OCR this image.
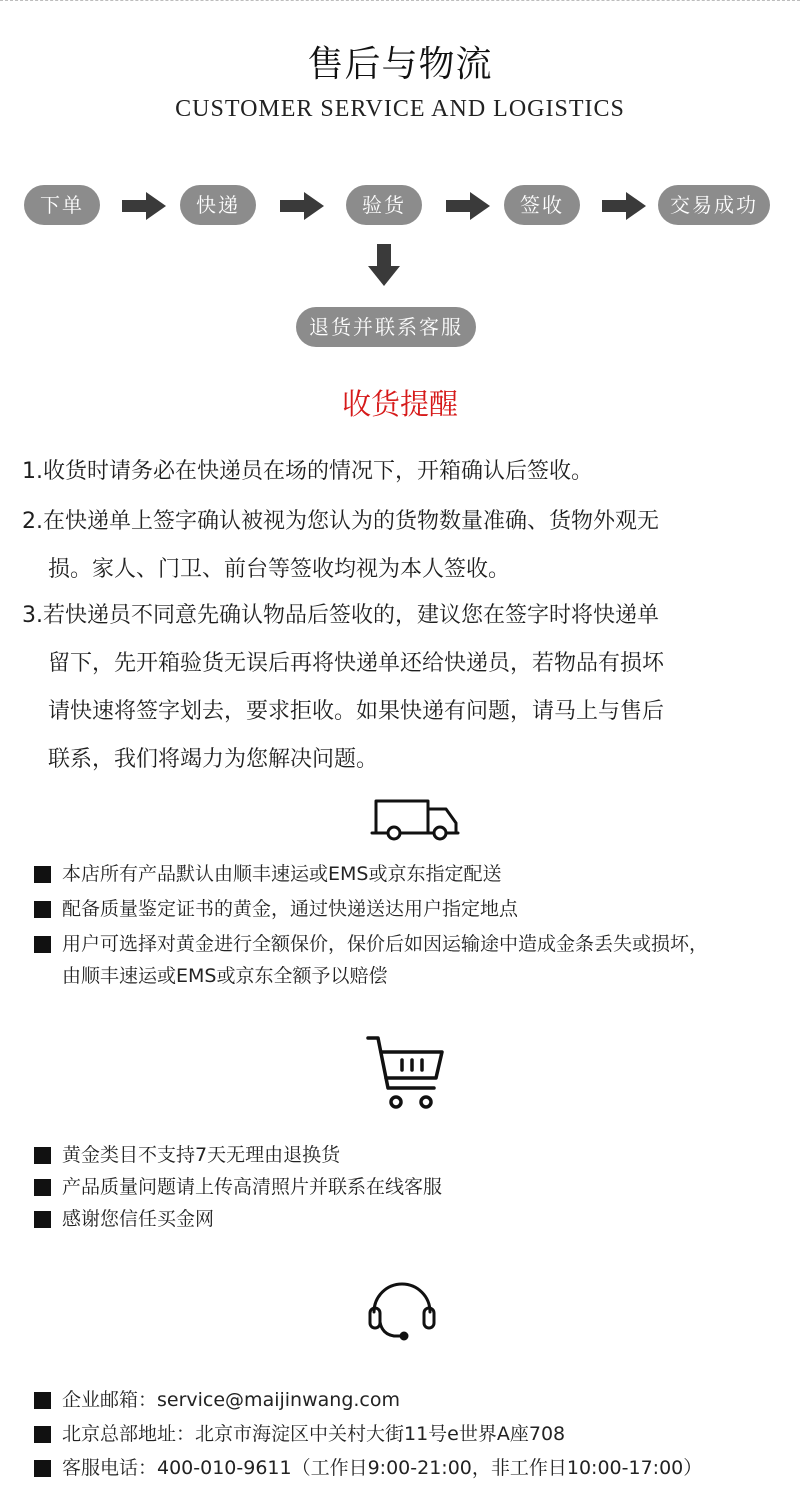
售后与物流
CUSTOMER SERVICE AND LOGISTICS
下单	快递	验货	签收	交易成功
退货并联系客服
收货提醒
1.收货时请务必在快递员在场的情况下，开箱确认后签收。
2.在快递单上签字确认被视为您认为的货物数量准确、货物外观无
损。家人、门卫、前台等签收均视为本人签收。
3.若快递员不同意先确认物品后签收的，建议您在签字时将快递单
留下，先开箱验货无误后再将快递单还给快递员，若物品有损坏
请快速将签字划去，要求拒收。如果快递有问题，请马上与售后
联系，我们将竭力为您解决问题。
本店所有产品默认由顺丰速运或EMS或京东指定配送
配备质量鉴定证书的黄金，通过快递送达用户指定地点
用户可选择对黄金进行全额保价，保价后如因运输途中造成金条丢失或损坏，
由顺丰速运或EMS或京东全额予以赔偿
黄金类目不支持7天无理由退换货
产品质量问题请上传高清照片并联系在线客服
感谢您信任买金网
企业邮箱：service@maijinwang.com
北京总部地址：北京市海淀区中关村大街11号e世界A座708
客服电话：400-010-9611（工作日9:00-21:00，非工作日10:00-17:00）
